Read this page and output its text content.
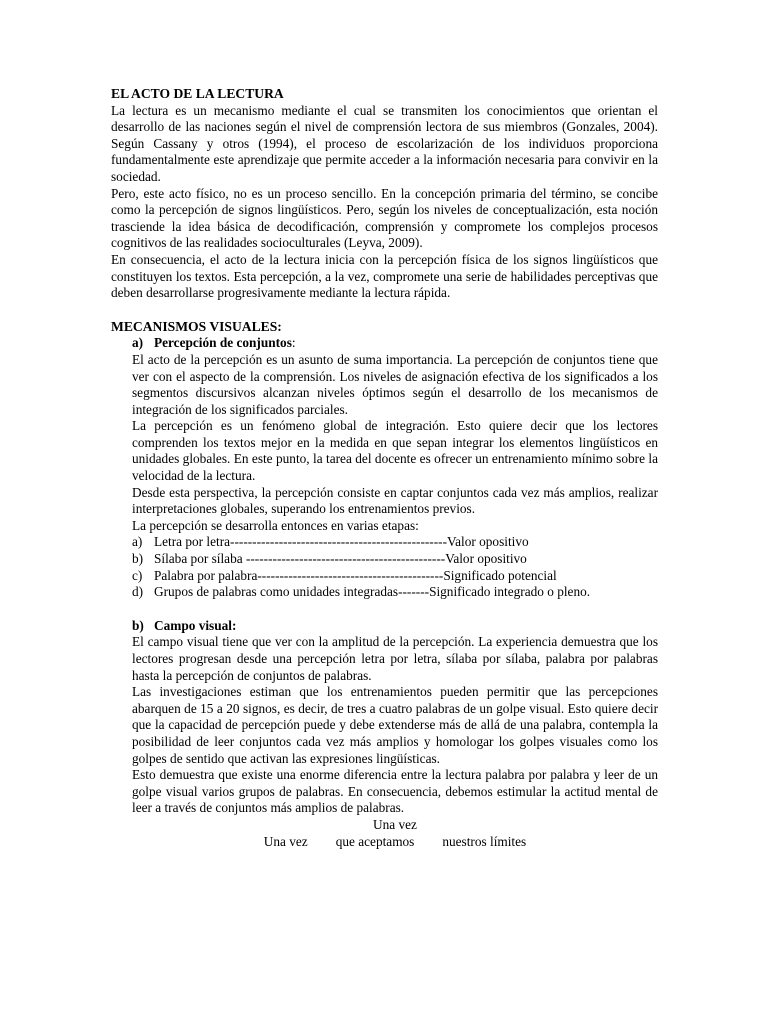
EL ACTO DE LA LECTURA

La lectura es un mecanismo mediante el cual se transmiten los conocimientos que orientan el desarrollo de las naciones según el nivel de comprensión lectora de sus miembros (Gonzales, 2004). Según Cassany y otros (1994), el proceso de escolarización de los individuos proporciona fundamentalmente este aprendizaje que permite acceder a la información necesaria para convivir en la sociedad.

Pero, este acto físico, no es un proceso sencillo. En la concepción primaria del término, se concibe como la percepción de signos lingüísticos. Pero, según los niveles de conceptualización, esta noción trasciende la idea básica de decodificación, comprensión y compromete los complejos procesos cognitivos de las realidades socioculturales (Leyva, 2009).

En consecuencia, el acto de la lectura inicia con la percepción física de los signos lingüísticos que constituyen los textos. Esta percepción, a la vez, compromete una serie de habilidades perceptivas que deben desarrollarse progresivamente mediante la lectura rápida.

MECANISMOS VISUALES:
a) Percepción de conjuntos:

El acto de la percepción es un asunto de suma importancia. La percepción de conjuntos tiene que ver con el aspecto de la comprensión. Los niveles de asignación efectiva de los significados a los segmentos discursivos alcanzan niveles óptimos según el desarrollo de los mecanismos de integración de los significados parciales.

La percepción es un fenómeno global de integración. Esto quiere decir que los lectores comprenden los textos mejor en la medida en que sepan integrar los elementos lingüísticos en unidades globales. En este punto, la tarea del docente es ofrecer un entrenamiento mínimo sobre la velocidad de la lectura.

Desde esta perspectiva, la percepción consiste en captar conjuntos cada vez más amplios, realizar interpretaciones globales, superando los entrenamientos previos.

La percepción se desarrolla entonces en varias etapas:

a) Letra por letra-------------------------------------------------Valor opositivo
b) Sílaba por sílaba ---------------------------------------------Valor opositivo
c) Palabra por palabra------------------------------------------Significado potencial
d) Grupos de palabras como unidades integradas-------Significado integrado o pleno.
b) Campo visual:

El campo visual tiene que ver con la amplitud de la percepción. La experiencia demuestra que los lectores progresan desde una percepción letra por letra, sílaba por sílaba, palabra por palabras hasta la percepción de conjuntos de palabras.

Las investigaciones estiman que los entrenamientos pueden permitir que las percepciones abarquen de 15 a 20 signos, es decir, de tres a cuatro palabras de un golpe visual. Esto quiere decir que la capacidad de percepción puede y debe extenderse más de allá de una palabra, contempla la posibilidad de leer conjuntos cada vez más amplios y homologar los golpes visuales como los golpes de sentido que activan las expresiones lingüísticas.

Esto demuestra que existe una enorme diferencia entre la lectura palabra por palabra y leer de un golpe visual varios grupos de palabras. En consecuencia, debemos estimular la actitud mental de leer a través de conjuntos más amplios de palabras.

Una vez
Una vez que aceptamos nuestros límites
